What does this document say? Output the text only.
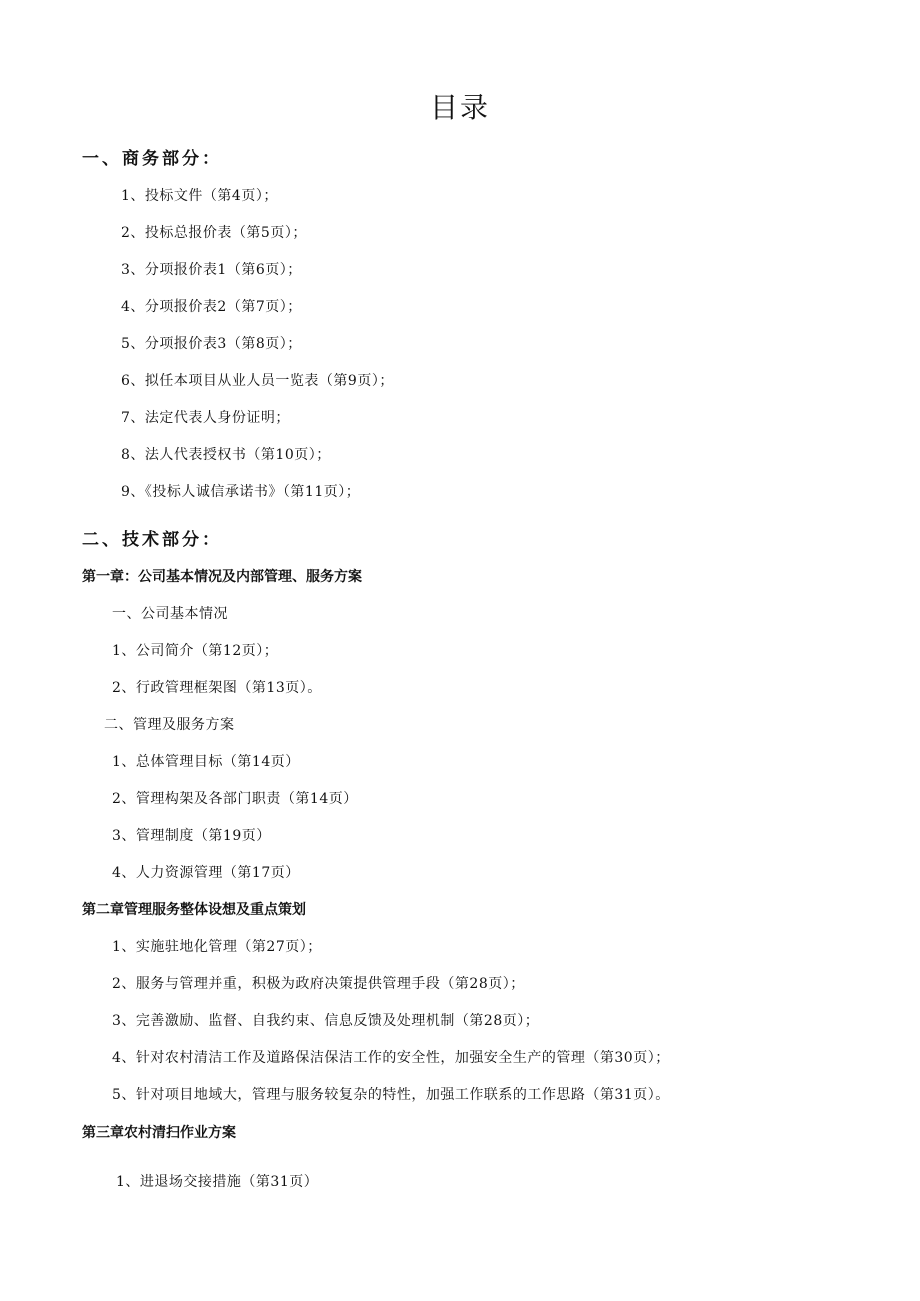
目录
一、商务部分：
1、投标文件（第4页）；
2、投标总报价表（第5页）；
3、分项报价表1（第6页）；
4、分项报价表2（第7页）；
5、分项报价表3（第8页）；
6、拟任本项目从业人员一览表（第9页）；
7、法定代表人身份证明；
8、法人代表授权书（第10页）；
9、《投标人诚信承诺书》（第11页）；
二、技术部分：
第一章：公司基本情况及内部管理、服务方案
一、公司基本情况
1、公司简介（第12页）；
2、行政管理框架图（第13页）。
二、管理及服务方案
1、总体管理目标（第14页）
2、管理构架及各部门职责（第14页）
3、管理制度（第19页）
4、人力资源管理（第17页）
第二章管理服务整体设想及重点策划
1、实施驻地化管理（第27页）；
2、服务与管理并重，积极为政府决策提供管理手段（第28页）；
3、完善激励、监督、自我约束、信息反馈及处理机制（第28页）；
4、针对农村清洁工作及道路保洁保洁工作的安全性，加强安全生产的管理（第30页）；
5、针对项目地域大，管理与服务较复杂的特性，加强工作联系的工作思路（第31页）。
第三章农村清扫作业方案
1、进退场交接措施（第31页）
